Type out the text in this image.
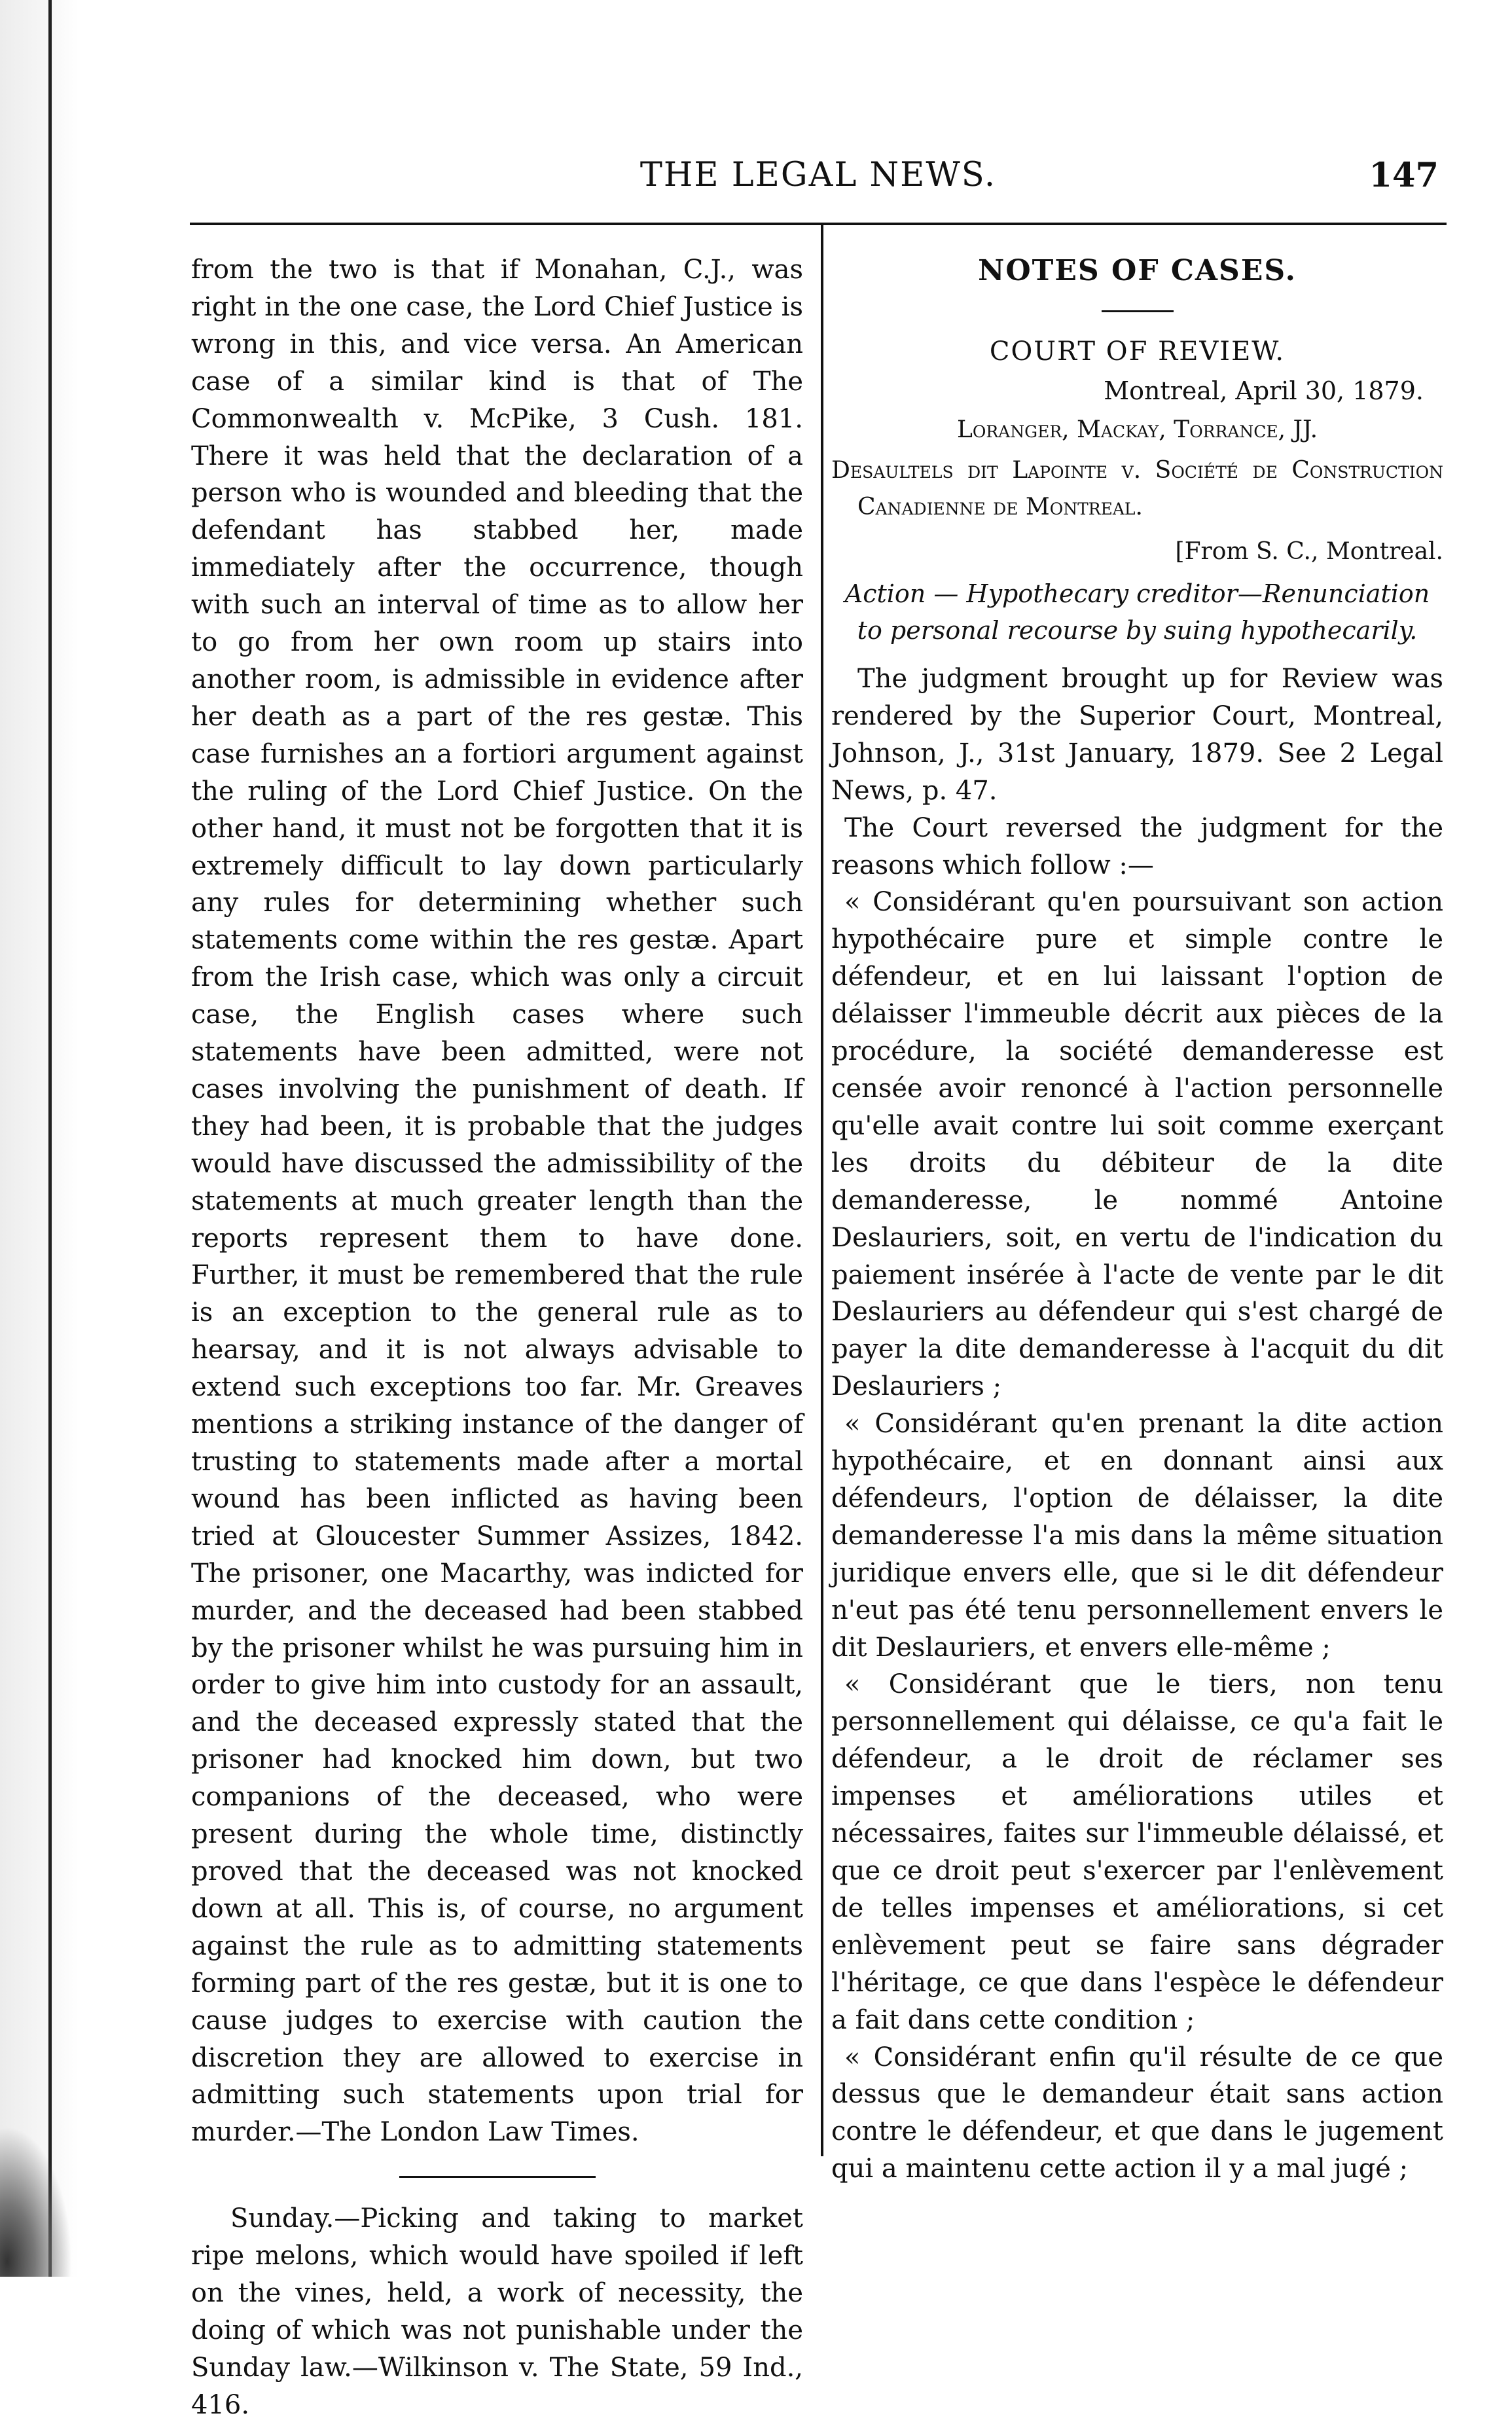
THE LEGAL NEWS.	147

from the two is that if Monahan, C.J., was right in the one case, the Lord Chief Justice is wrong in this, and vice versa. An American case of a similar kind is that of The Commonwealth v. McPike, 3 Cush. 181. There it was held that the declaration of a person who is wounded and bleeding that the defendant has stabbed her, made immediately after the occurrence, though with such an interval of time as to allow her to go from her own room up stairs into another room, is admissible in evidence after her death as a part of the res gestæ. This case furnishes an a fortiori argument against the ruling of the Lord Chief Justice. On the other hand, it must not be forgotten that it is extremely difficult to lay down particularly any rules for determining whether such statements come within the res gestæ. Apart from the Irish case, which was only a circuit case, the English cases where such statements have been admitted, were not cases involving the punishment of death. If they had been, it is probable that the judges would have discussed the admissibility of the statements at much greater length than the reports represent them to have done. Further, it must be remembered that the rule is an exception to the general rule as to hearsay, and it is not always advisable to extend such exceptions too far. Mr. Greaves mentions a striking instance of the danger of trusting to statements made after a mortal wound has been inflicted as having been tried at Gloucester Summer Assizes, 1842. The prisoner, one Macarthy, was indicted for murder, and the deceased had been stabbed by the prisoner whilst he was pursuing him in order to give him into custody for an assault, and the deceased expressly stated that the prisoner had knocked him down, but two companions of the deceased, who were present during the whole time, distinctly proved that the deceased was not knocked down at all. This is, of course, no argument against the rule as to admitting statements forming part of the res gestæ, but it is one to cause judges to exercise with caution the discretion they are allowed to exercise in admitting such statements upon trial for murder.—The London Law Times.

Sunday.—Picking and taking to market ripe melons, which would have spoiled if left on the vines, held, a work of necessity, the doing of which was not punishable under the Sunday law.—Wilkinson v. The State, 59 Ind., 416.

NOTES OF CASES.

COURT OF REVIEW.

Montreal, April 30, 1879.

Loranger, Mackay, Torrance, JJ.

Desaultels dit Lapointe v. Société de Construction Canadienne de Montreal.

[From S. C., Montreal.

Action — Hypothecary creditor—Renunciation to personal recourse by suing hypothecarily.

The judgment brought up for Review was rendered by the Superior Court, Montreal, Johnson, J., 31st January, 1879. See 2 Legal News, p. 47.

The Court reversed the judgment for the reasons which follow :—

« Considérant qu'en poursuivant son action hypothécaire pure et simple contre le défendeur, et en lui laissant l'option de délaisser l'immeuble décrit aux pièces de la procédure, la société demanderesse est censée avoir renoncé à l'action personnelle qu'elle avait contre lui soit comme exerçant les droits du débiteur de la dite demanderesse, le nommé Antoine Deslauriers, soit, en vertu de l'indication du paiement insérée à l'acte de vente par le dit Deslauriers au défendeur qui s'est chargé de payer la dite demanderesse à l'acquit du dit Deslauriers ;

« Considérant qu'en prenant la dite action hypothécaire, et en donnant ainsi aux défendeurs, l'option de délaisser, la dite demanderesse l'a mis dans la même situation juridique envers elle, que si le dit défendeur n'eut pas été tenu personnellement envers le dit Deslauriers, et envers elle-même ;

« Considérant que le tiers, non tenu personnellement qui délaisse, ce qu'a fait le défendeur, a le droit de réclamer ses impenses et améliorations utiles et nécessaires, faites sur l'immeuble délaissé, et que ce droit peut s'exercer par l'enlèvement de telles impenses et améliorations, si cet enlèvement peut se faire sans dégrader l'héritage, ce que dans l'espèce le défendeur a fait dans cette condition ;

« Considérant enfin qu'il résulte de ce que dessus que le demandeur était sans action contre le défendeur, et que dans le jugement qui a maintenu cette action il y a mal jugé ;
